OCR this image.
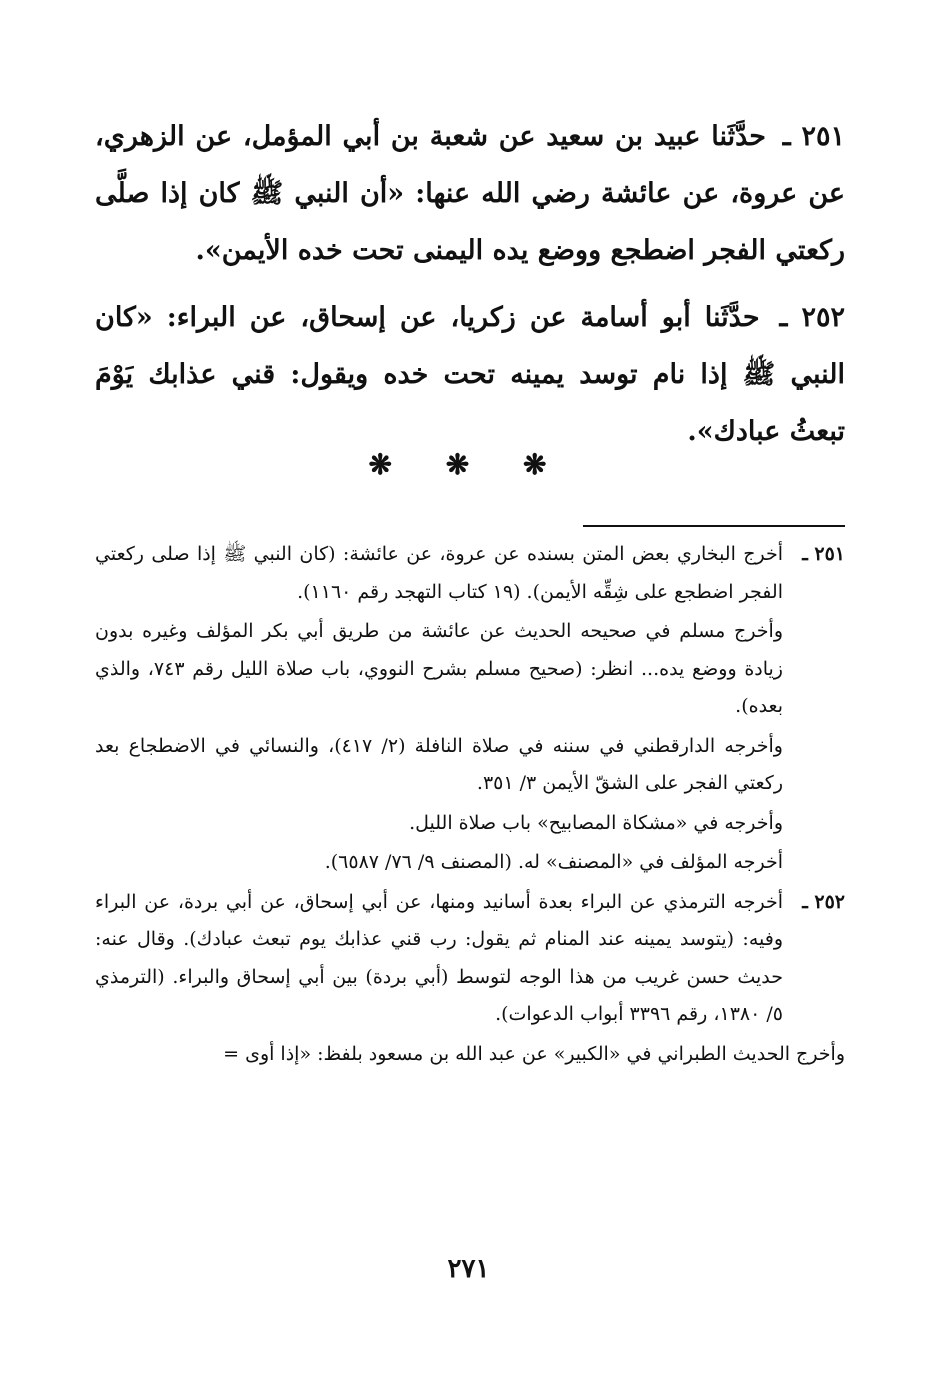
٢٥١ ـ حدَّثَنا عبيد بن سعيد عن شعبة بن أبي المؤمل، عن الزهري، عن عروة، عن عائشة رضي الله عنها: «أن النبي ﷺ كان إذا صلَّى ركعتي الفجر اضطجع ووضع يده اليمنى تحت خده الأيمن».

٢٥٢ ـ حدَّثَنا أبو أسامة عن زكريا، عن إسحاق، عن البراء: «كان النبي ﷺ إذا نام توسد يمينه تحت خده ويقول: قني عذابك يَوْمَ تبعثُ عبادك».

❋ ❋ ❋
٢٥١ ـ

أخرج البخاري بعض المتن بسنده عن عروة، عن عائشة: (كان النبي ﷺ إذا صلى ركعتي الفجر اضطجع على شِقِّه الأيمن). (١٩ كتاب التهجد رقم ١١٦٠).

وأخرج مسلم في صحيحه الحديث عن عائشة من طريق أبي بكر المؤلف وغيره بدون زيادة ووضع يده... انظر: (صحيح مسلم بشرح النووي، باب صلاة الليل رقم ٧٤٣، والذي بعده).

وأخرجه الدارقطني في سننه في صلاة النافلة (٢/ ٤١٧)، والنسائي في الاضطجاع بعد ركعتي الفجر على الشقّ الأيمن ٣/ ٣٥١.

وأخرجه في «مشكاة المصابيح» باب صلاة الليل.

أخرجه المؤلف في «المصنف» له. (المصنف ٩/ ٧٦/ ٦٥٨٧).

٢٥٢ ـ

أخرجه الترمذي عن البراء بعدة أسانيد ومنها، عن أبي إسحاق، عن أبي بردة، عن البراء وفيه: (يتوسد يمينه عند المنام ثم يقول: رب قني عذابك يوم تبعث عبادك). وقال عنه: حديث حسن غريب من هذا الوجه لتوسط (أبي بردة) بين أبي إسحاق والبراء. (الترمذي ٥/ ١٣٨٠، رقم ٣٣٩٦ أبواب الدعوات).

وأخرج الحديث الطبراني في «الكبير» عن عبد الله بن مسعود بلفظ: «إذا أوى =

٢٧١
